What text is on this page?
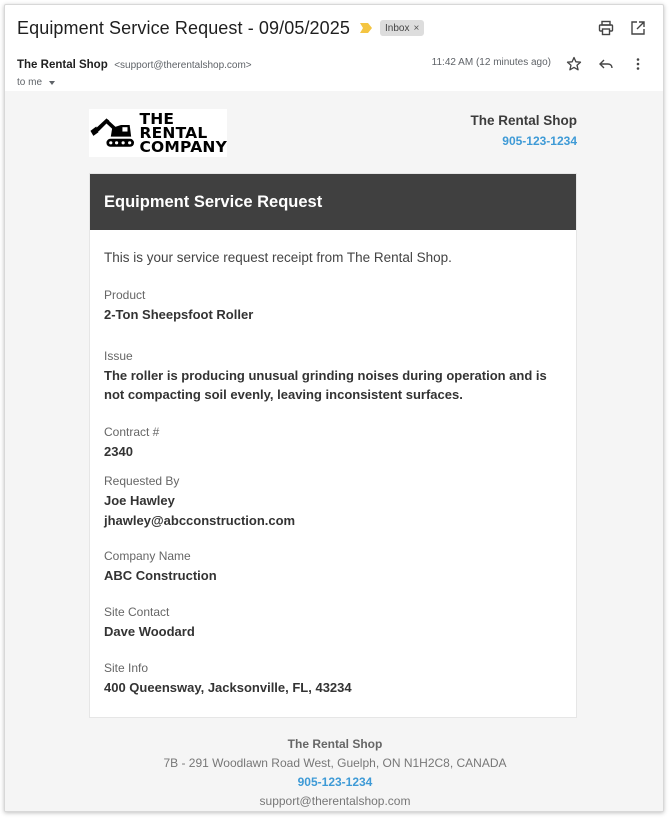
Equipment Service Request - 09/05/2025	Inbox ×
The Rental Shop <support@therentalshop.com>
to me
11:42 AM (12 minutes ago)
THE
RENTAL
COMPANY
The Rental Shop
905-123-1234
Equipment Service Request
This is your service request receipt from The Rental Shop.
Product
2-Ton Sheepsfoot Roller
Issue
The roller is producing unusual grinding noises during operation and is not compacting soil evenly, leaving inconsistent surfaces.
Contract #
2340
Requested By
Joe Hawley
jhawley@abcconstruction.com
Company Name
ABC Construction
Site Contact
Dave Woodard
Site Info
400 Queensway, Jacksonville, FL, 43234
The Rental Shop
7B - 291 Woodlawn Road West, Guelph, ON N1H2C8, CANADA
905-123-1234
support@therentalshop.com
